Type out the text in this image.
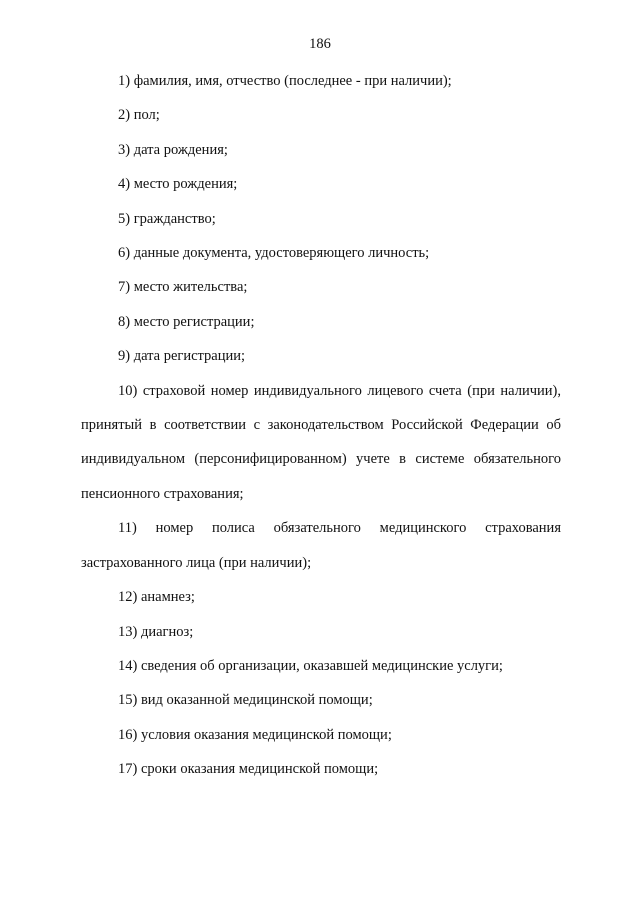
186

1) фамилия, имя, отчество (последнее - при наличии);

2) пол;

3) дата рождения;

4) место рождения;

5) гражданство;

6) данные документа, удостоверяющего личность;

7) место жительства;

8) место регистрации;

9) дата регистрации;

10) страховой номер индивидуального лицевого счета (при наличии), принятый в соответствии с законодательством Российской Федерации об индивидуальном (персонифицированном) учете в системе обязательного пенсионного страхования;

11) номер полиса обязательного медицинского страхования застрахованного лица (при наличии);

12) анамнез;

13) диагноз;

14) сведения об организации, оказавшей медицинские услуги;

15) вид оказанной медицинской помощи;

16) условия оказания медицинской помощи;

17) сроки оказания медицинской помощи;
